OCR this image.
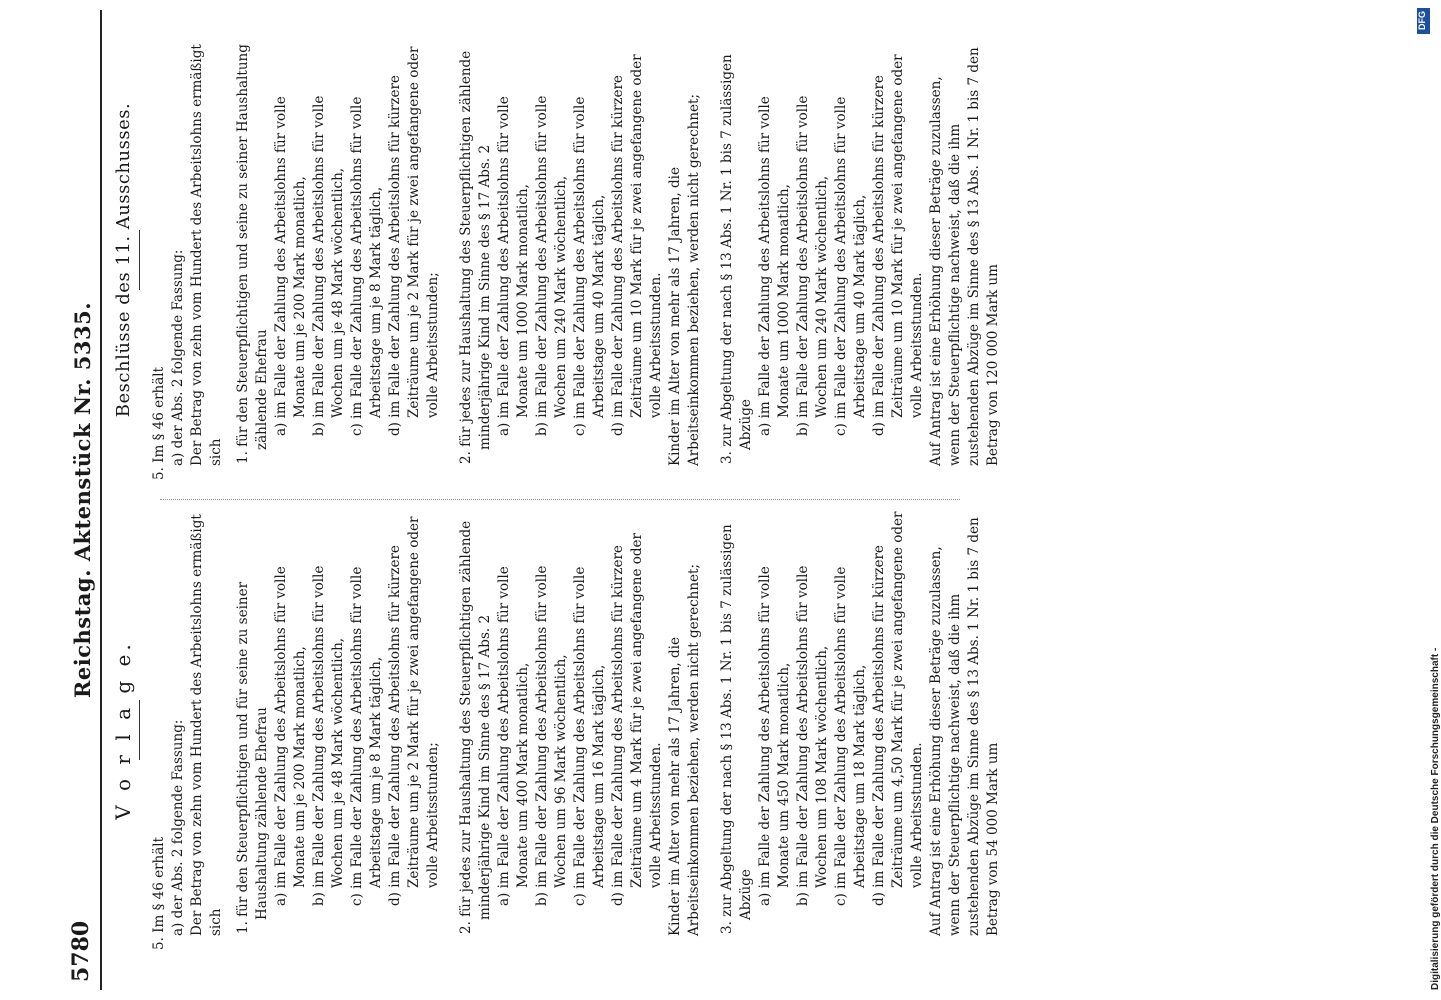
5780
Reichstag. Aktenstück Nr. 5335.
V o r l a g e.
5. Im § 46 erhält a) der Abs. 2 folgende Fassung: Der Betrag von zehn vom Hundert des Arbeitslohns ermäßigt sich 1. für den Steuerpflichtigen und für seine zu seiner Haushaltung zählende Ehefrau a) im Falle der Zahlung des Arbeitslohns für volle Monate um je 200 Mark monatlich, b) im Falle der Zahlung des Arbeitslohns für volle Wochen um je 48 Mark wöchentlich, c) im Falle der Zahlung des Arbeitslohns für volle Arbeitstage um je 8 Mark täglich, d) im Falle der Zahlung des Arbeitslohns für kürzere Zeiträume um je 2 Mark für je zwei angefangene oder volle Arbeitsstunden; 2. für jedes zur Haushaltung des Steuerpflichtigen zählende minderjährige Kind im Sinne des § 17 Abs. 2 a) im Falle der Zahlung des Arbeitslohns für volle Monate um 400 Mark monatlich, b) im Falle der Zahlung des Arbeitslohns für volle Wochen um 96 Mark wöchentlich, c) im Falle der Zahlung des Arbeitslohns für volle Arbeitstage um 16 Mark täglich, d) im Falle der Zahlung des Arbeitslohns für kürzere Zeiträume um 4 Mark für je zwei angefangene oder volle Arbeitsstunden. Kinder im Alter von mehr als 17 Jahren, die Arbeitseinkommen beziehen, werden nicht gerechnet; 3. zur Abgeltung der nach § 13 Abs. 1 Nr. 1 bis 7 zulässigen Abzüge a) im Falle der Zahlung des Arbeitslohns für volle Monate um 450 Mark monatlich, b) im Falle der Zahlung des Arbeitslohns für volle Wochen um 108 Mark wöchentlich, c) im Falle der Zahlung des Arbeitslohns für volle Arbeitstage um 18 Mark täglich, d) im Falle der Zahlung des Arbeitslohns für kürzere Zeiträume um 4,50 Mark für je zwei angefangene oder volle Arbeitsstunden. Auf Antrag ist eine Erhöhung dieser Beträge zuzulassen, wenn der Steuerpflichtige nachweist, daß die ihm zustehenden Abzüge im Sinne des § 13 Abs. 1 Nr. 1 bis 7 den Betrag von 54 000 Mark um
Beschlüsse des 11. Ausschusses.
5. Im § 46 erhält a) der Abs. 2 folgende Fassung: Der Betrag von zehn vom Hundert des Arbeitslohns ermäßigt sich 1. für den Steuerpflichtigen und seine zu seiner Haushaltung zählende Ehefrau a) im Falle der Zahlung des Arbeitslohns für volle Monate um je 200 Mark monatlich, b) im Falle der Zahlung des Arbeitslohns für volle Wochen um je 48 Mark wöchentlich, c) im Falle der Zahlung des Arbeitslohns für volle Arbeitstage um je 8 Mark täglich, d) im Falle der Zahlung des Arbeitslohns für kürzere Zeiträume um je 2 Mark für je zwei angefangene oder volle Arbeitsstunden; 2. für jedes zur Haushaltung des Steuerpflichtigen zählende minderjährige Kind im Sinne des § 17 Abs. 2 a) im Falle der Zahlung des Arbeitslohns für volle Monate um 1000 Mark monatlich, b) im Falle der Zahlung des Arbeitslohns für volle Wochen um 240 Mark wöchentlich, c) im Falle der Zahlung des Arbeitslohns für volle Arbeitstage um 40 Mark täglich, d) im Falle der Zahlung des Arbeitslohns für kürzere Zeiträume um 10 Mark für je zwei angefangene oder volle Arbeitsstunden. Kinder im Alter von mehr als 17 Jahren, die Arbeitseinkommen beziehen, werden nicht gerechnet; 3. zur Abgeltung der nach § 13 Abs. 1 Nr. 1 bis 7 zulässigen Abzüge a) im Falle der Zahlung des Arbeitslohns für volle Monate um 1000 Mark monatlich, b) im Falle der Zahlung des Arbeitslohns für volle Wochen um 240 Mark wöchentlich, c) im Falle der Zahlung des Arbeitslohns für volle Arbeitstage um 40 Mark täglich, d) im Falle der Zahlung des Arbeitslohns für kürzere Zeiträume um 10 Mark für je zwei angefangene oder volle Arbeitsstunden. Auf Antrag ist eine Erhöhung dieser Beträge zuzulassen, wenn der Steuerpflichtige nachweist, daß die ihm zustehenden Abzüge im Sinne des § 13 Abs. 1 Nr. 1 bis 7 den Betrag von 120 000 Mark um
Digitalisierung gefördert durch die Deutsche Forschungsgemeinschaft -
DFG
